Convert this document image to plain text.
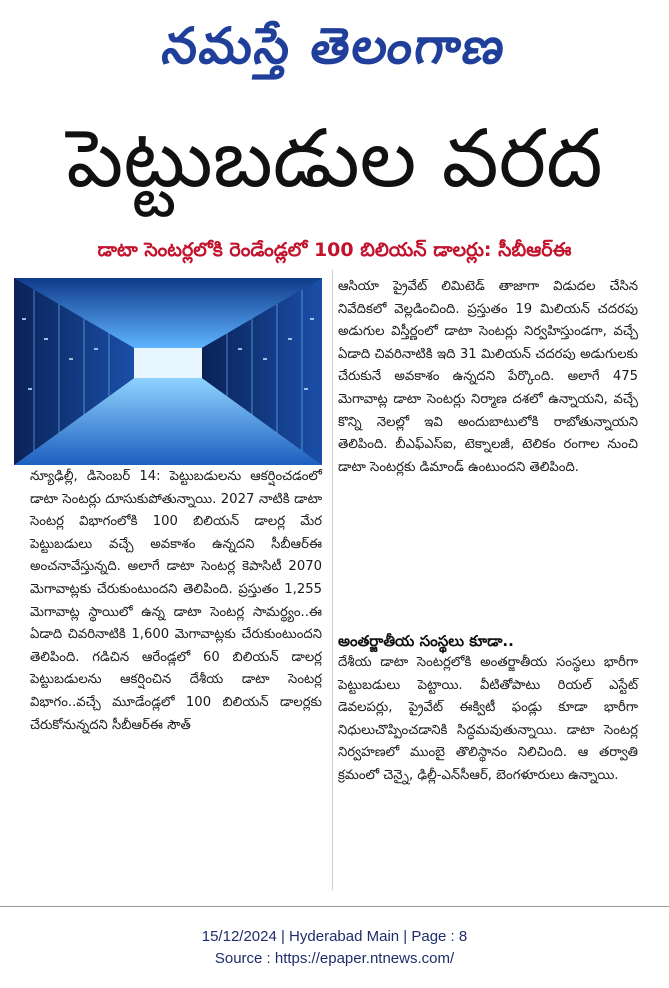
నమస్తే తెలంగాణ
పెట్టుబడుల వరద
డాటా సెంటర్లలోకి రెండేండ్లలో 100 బిలియన్‌ డాలర్లు: సీబీఆర్‌ఈ

న్యూఢిల్లీ, డిసెంబర్‌ 14: పెట్టుబడులను ఆకర్షించడంలో డాటా సెంటర్లు దూసుకుపోతున్నాయి. 2027 నాటికి డాటా సెంటర్ల విభాగంలోకి 100 బిలియన్‌ డాలర్ల మేర పెట్టుబడులు వచ్చే అవకాశం ఉన్నదని సీబీఆర్‌ఈ అంచనావేస్తున్నది. అలాగే డాటా సెంటర్ల కెపాసిటీ 2070 మెగావాట్లకు చేరుకుంటుందని తెలిపింది. ప్రస్తుతం 1,255 మెగావాట్ల స్థాయిలో ఉన్న డాటా సెంటర్ల సామర్థ్యం..ఈ ఏడాది చివరినాటికి 1,600 మెగావాట్లకు చేరుకుంటుందని తెలిపింది. గడిచిన ఆరేండ్లలో 60 బిలియన్‌ డాలర్ల పెట్టుబడులను ఆకర్షించిన దేశీయ డాటా సెంటర్ల విభాగం..వచ్చే మూడేండ్లలో 100 బిలియన్‌ డాలర్లకు చేరుకోనున్నదని సీబీఆర్‌ఈ సౌత్‌

ఆసియా ప్రైవేట్‌ లిమిటెడ్‌ తాజాగా విడుదల చేసిన నివేదికలో వెల్లడించింది. ప్రస్తుతం 19 మిలియన్‌ చదరపు అడుగుల విస్తీర్ణంలో డాటా సెంటర్లు నిర్వహిస్తుండగా, వచ్చే ఏడాది చివరినాటికి ఇది 31 మిలియన్‌ చదరపు అడుగులకు చేరుకునే అవకాశం ఉన్నదని పేర్కొంది. అలాగే 475 మెగావాట్ల డాటా సెంటర్లు నిర్మాణ దశలో ఉన్నాయని, వచ్చే కొన్ని నెలల్లో ఇవి అందుబాటులోకి రాబోతున్నాయని తెలిపింది. బీఎఫ్‌ఎస్‌ఐ, టెక్నాలజీ, టెలికం రంగాల నుంచి డాటా సెంటర్లకు డిమాండ్‌ ఉంటుందని తెలిపింది.

అంతర్జాతీయ సంస్థలు కూడా..

దేశీయ డాటా సెంటర్లలోకి అంతర్జాతీయ సంస్థలు భారీగా పెట్టుబడులు పెట్టాయి. వీటితోపాటు రియల్‌ ఎస్టేట్‌ డెవలపర్లు, ప్రైవేట్‌ ఈక్విటీ ఫండ్లు కూడా భారీగా నిధులుచొప్పించడానికి సిద్ధమవుతున్నాయి. డాటా సెంటర్ల నిర్వహణలో ముంబై తొలిస్థానం నిలిచింది. ఆ తర్వాతి క్రమంలో చెన్నై, ఢిల్లీ-ఎన్‌సీఆర్‌, బెంగళూరులు ఉన్నాయి.

15/12/2024 | Hyderabad Main | Page : 8
Source : https://epaper.ntnews.com/
